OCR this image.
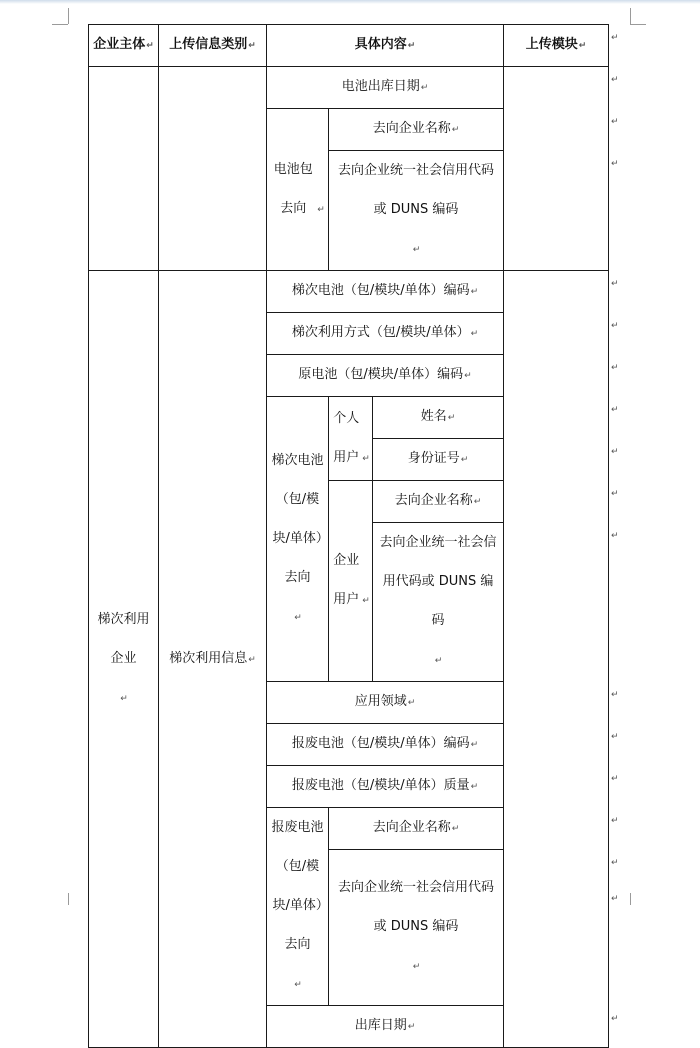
企业主体↵	上传信息类别↵	具体内容↵			上传模块↵
		电池出库日期↵			
		电池包去向 ↵	去向企业名称↵		
			去向企业统一社会信用代码或 DUNS 编码↵		

梯次利用企业↵	梯次利用信息↵	梯次电池（包/模块/单体）编码↵			
		梯次利用方式（包/模块/单体）↵			
		原电池（包/模块/单体）编码↵			
		梯次电池（包/模块/单体）去向↵	个人用户 ↵	姓名↵	
				身份证号↵	
			企业用户 ↵	去向企业名称↵	
				去向企业统一社会信用代码或 DUNS 编码↵	

		应用领域↵			
		报废电池（包/模块/单体）编码↵			
		报废电池（包/模块/单体）质量↵			
		报废电池（包/模块/单体）去向↵	去向企业名称↵		
			去向企业统一社会信用代码或 DUNS 编码↵		

		出库日期↵			
↵
↵
↵
↵
↵
↵
↵
↵
↵
↵
↵
↵
↵
↵
↵
↵
↵
↵
